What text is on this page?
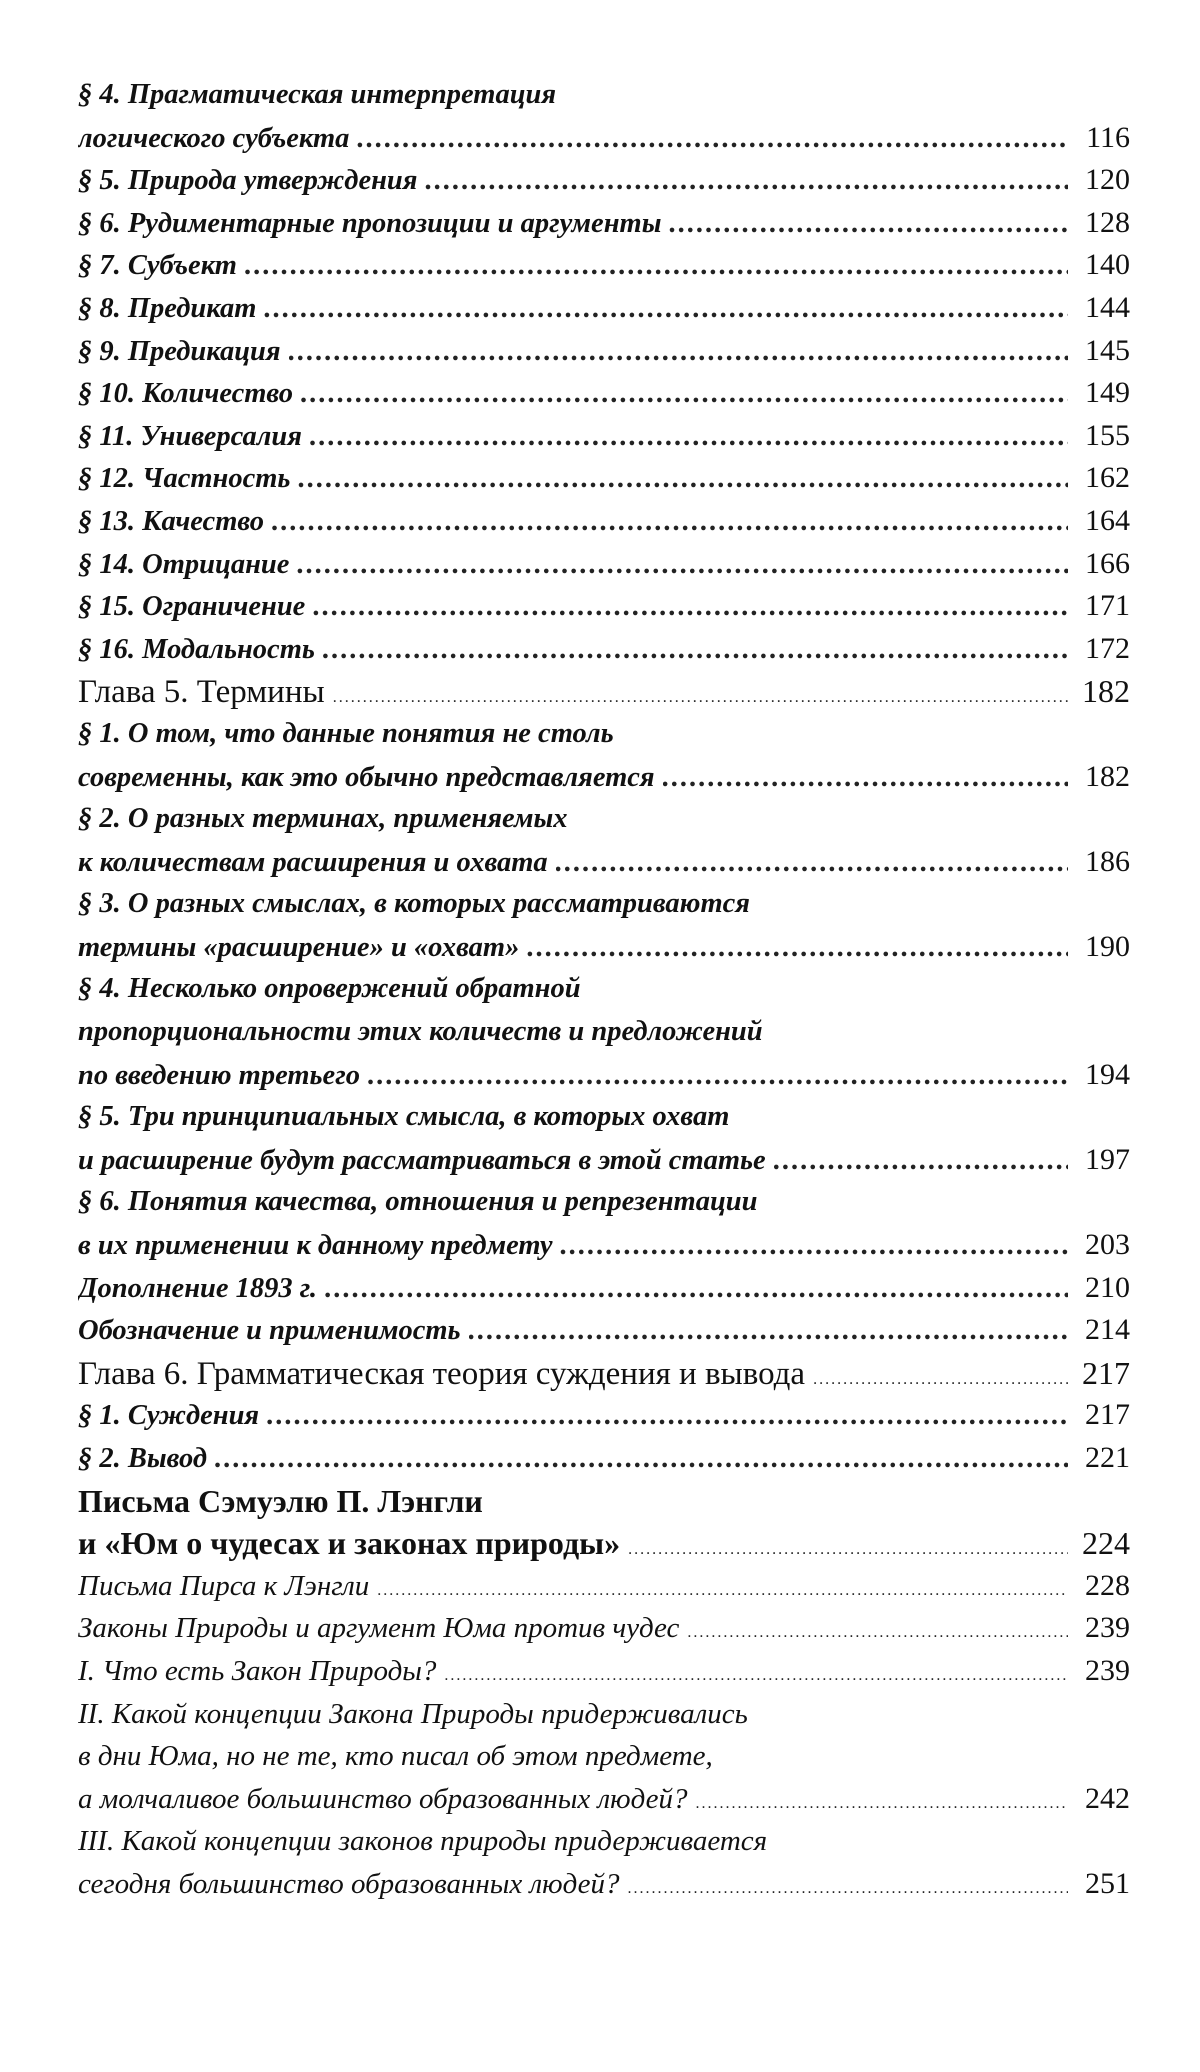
§ 4. Прагматическая интерпретация
логического субъекта .....	116
§ 5. Природа утверждения .....	120
§ 6. Рудиментарные пропозиции и аргументы .....	128
§ 7. Субъект .....	140
§ 8. Предикат .....	144
§ 9. Предикация .....	145
§ 10. Количество .....	149
§ 11. Универсалия .....	155
§ 12. Частность .....	162
§ 13. Качество .....	164
§ 14. Отрицание .....	166
§ 15. Ограничение .....	171
§ 16. Модальность .....	172
Глава 5. Термины .....	182
§ 1. О том, что данные понятия не столь
современны, как это обычно представляется .....	182
§ 2. О разных терминах, применяемых
к количествам расширения и охвата .....	186
§ 3. О разных смыслах, в которых рассматриваются
термины «расширение» и «охват» .....	190
§ 4. Несколько опровержений обратной
пропорциональности этих количеств и предложений
по введению третьего .....	194
§ 5. Три принципиальных смысла, в которых охват
и расширение будут рассматриваться в этой статье .....	197
§ 6. Понятия качества, отношения и репрезентации
в их применении к данному предмету .....	203
Дополнение 1893 г. .....	210
Обозначение и применимость .....	214
Глава 6. Грамматическая теория суждения и вывода .....	217
§ 1. Суждения .....	217
§ 2. Вывод .....	221
Письма Сэмуэлю П. Лэнгли
и «Юм о чудесах и законах природы» .....	224
Письма Пирса к Лэнгли .....	228
Законы Природы и аргумент Юма против чудес .....	239
I. Что есть Закон Природы? .....	239
II. Какой концепции Закона Природы придерживались
в дни Юма, но не те, кто писал об этом предмете,
а молчаливое большинство образованных людей? .....	242
III. Какой концепции законов природы придерживается
сегодня большинство образованных людей? .....	251
